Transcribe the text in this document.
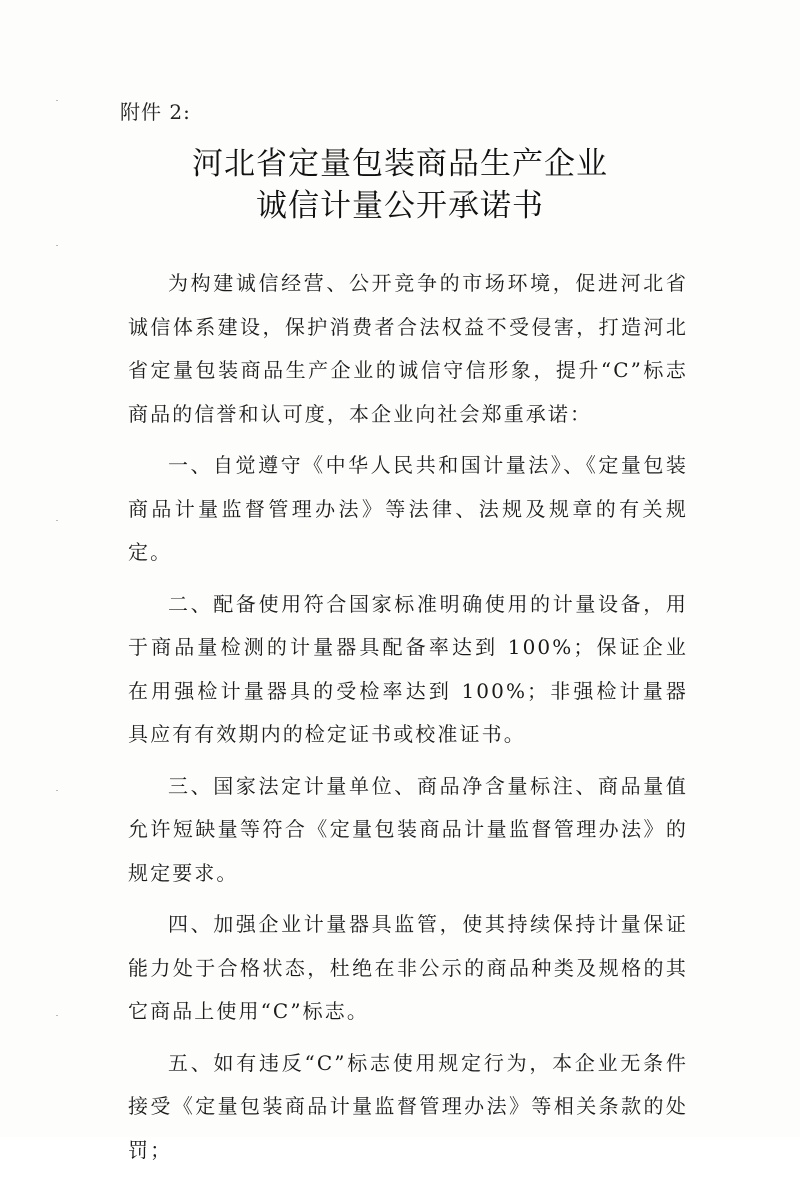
附件 2:
河北省定量包装商品生产企业
诚信计量公开承诺书

为构建诚信经营、公开竞争的市场环境，促进河北省诚信体系建设，保护消费者合法权益不受侵害，打造河北省定量包装商品生产企业的诚信守信形象，提升“C”标志商品的信誉和认可度，本企业向社会郑重承诺：

一、自觉遵守《中华人民共和国计量法》、《定量包装商品计量监督管理办法》等法律、法规及规章的有关规定。

二、配备使用符合国家标准明确使用的计量设备，用于商品量检测的计量器具配备率达到 100%；保证企业在用强检计量器具的受检率达到 100%；非强检计量器具应有有效期内的检定证书或校准证书。

三、国家法定计量单位、商品净含量标注、商品量值允许短缺量等符合《定量包装商品计量监督管理办法》的规定要求。

四、加强企业计量器具监管，使其持续保持计量保证能力处于合格状态，杜绝在非公示的商品种类及规格的其它商品上使用“C”标志。

五、如有违反“C”标志使用规定行为，本企业无条件接受《定量包装商品计量监督管理办法》等相关条款的处罚；
